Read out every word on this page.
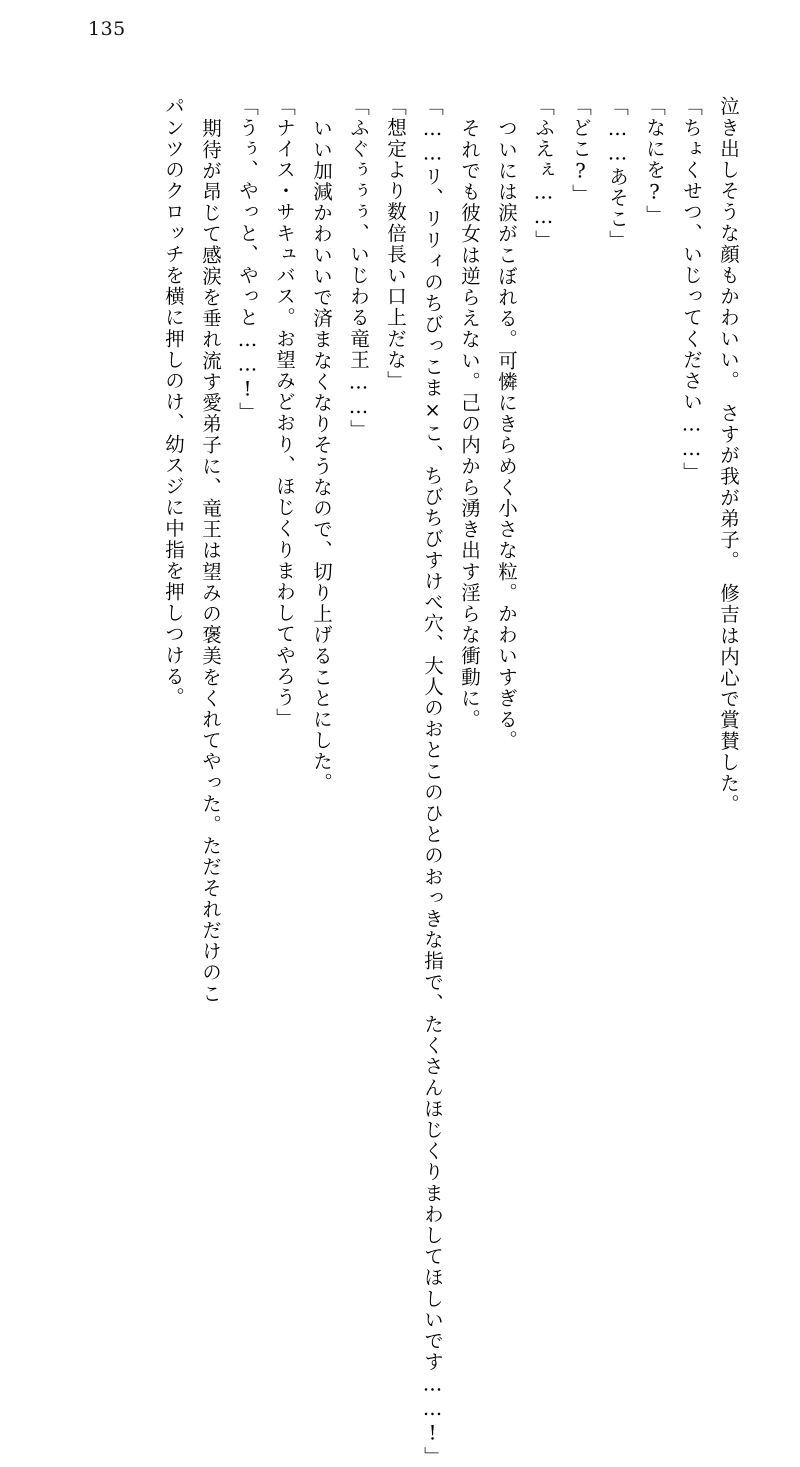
135
泣き出しそうな顔もかわいい。　さすが我が弟子。　修吉は内心で賞賛した。
「ちょくせつ、いじってください……」
「なにを?」
「……あそこ」
「どこ?」
「ふえぇ……」
ついには涙がこぼれる。可憐にきらめく小さな粒。かわいすぎる。
それでも彼女は逆らえない。己の内から湧き出す淫らな衝動に。
「……リ、リリィのちびっこま×こ、ちびちびすけべ穴、大人のおとこのひとのおっきな指で、たくさんほじくりまわしてほしいです……!」
「想定より数倍長い口上だな」
「ふぐぅぅぅ、いじわる竜王……」
いい加減かわいいで済まなくなりそうなので、切り上げることにした。
「ナイス・サキュバス。お望みどおり、ほじくりまわしてやろう」
「うぅ、やっと、やっと……!」
期待が昂じて感涙を垂れ流す愛弟子に、竜王は望みの褒美をくれてやった。ただそれだけのこ
パンツのクロッチを横に押しのけ、幼スジに中指を押しつける。
